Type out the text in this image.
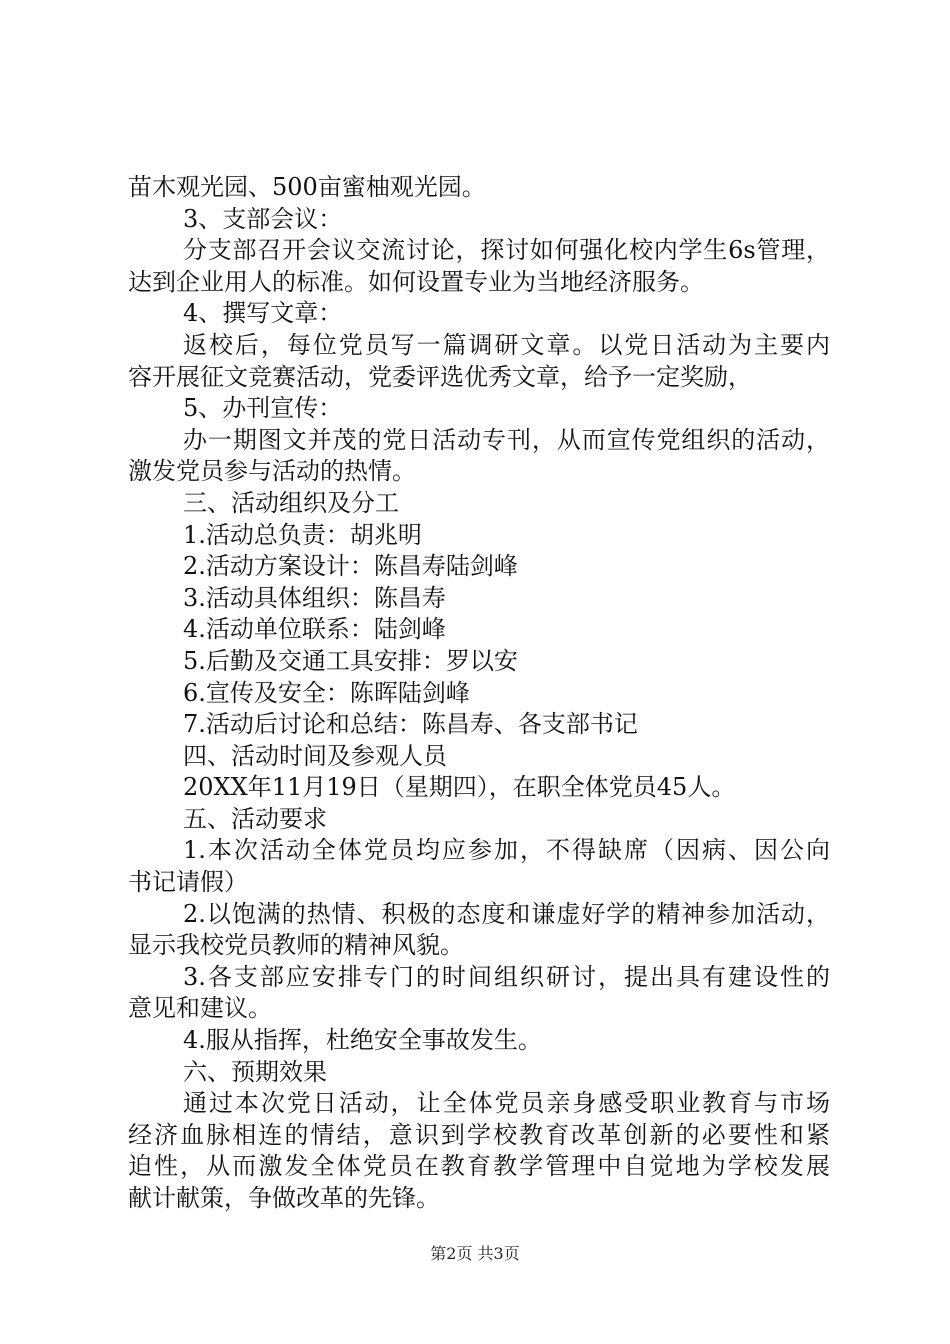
苗木观光园、500亩蜜柚观光园。
3、支部会议：
分支部召开会议交流讨论，探讨如何强化校内学生6s管理，
达到企业用人的标准。如何设置专业为当地经济服务。
4、撰写文章：
返校后，每位党员写一篇调研文章。以党日活动为主要内
容开展征文竞赛活动，党委评选优秀文章，给予一定奖励，
5、办刊宣传：
办一期图文并茂的党日活动专刊，从而宣传党组织的活动，
激发党员参与活动的热情。
三、活动组织及分工
1.活动总负责：胡兆明
2.活动方案设计：陈昌寿陆剑峰
3.活动具体组织：陈昌寿
4.活动单位联系：陆剑峰
5.后勤及交通工具安排：罗以安
6.宣传及安全：陈晖陆剑峰
7.活动后讨论和总结：陈昌寿、各支部书记
四、活动时间及参观人员
20XX年11月19日（星期四），在职全体党员45人。
五、活动要求
1.本次活动全体党员均应参加，不得缺席（因病、因公向
书记请假）
2.以饱满的热情、积极的态度和谦虚好学的精神参加活动，
显示我校党员教师的精神风貌。
3.各支部应安排专门的时间组织研讨，提出具有建设性的
意见和建议。
4.服从指挥，杜绝安全事故发生。
六、预期效果
通过本次党日活动，让全体党员亲身感受职业教育与市场
经济血脉相连的情结，意识到学校教育改革创新的必要性和紧
迫性，从而激发全体党员在教育教学管理中自觉地为学校发展
献计献策，争做改革的先锋。
第2页 共3页
